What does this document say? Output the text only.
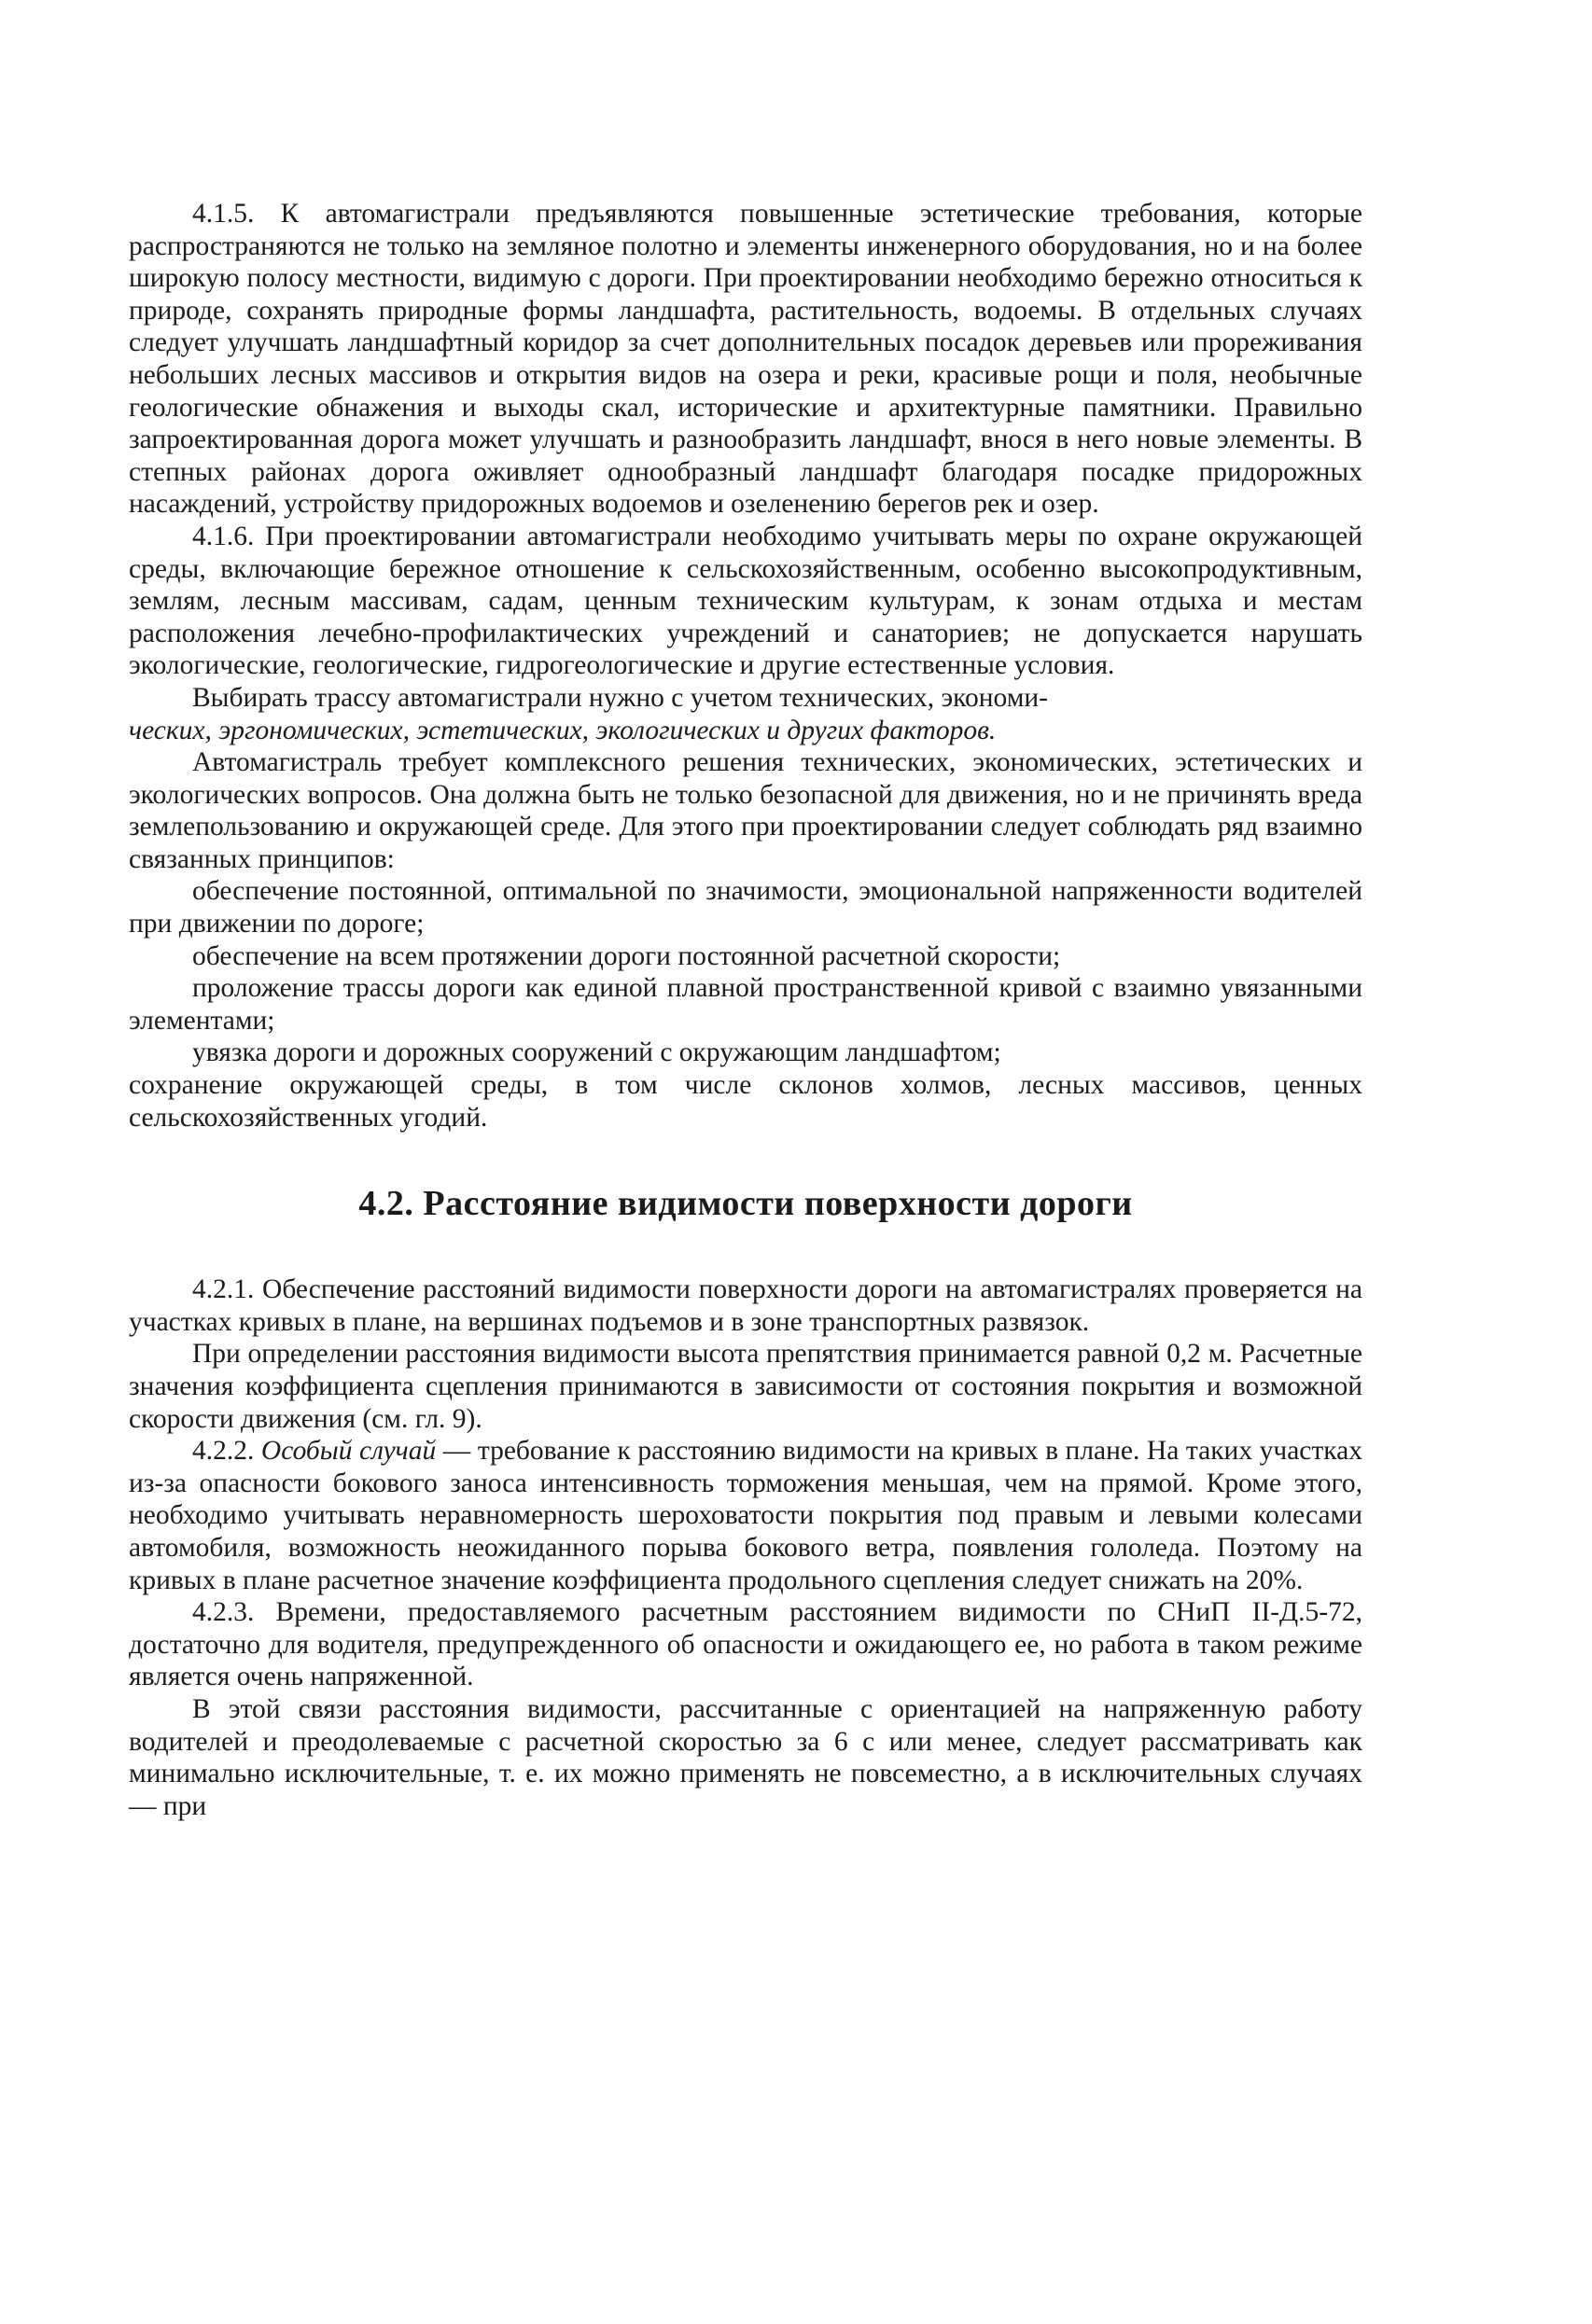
4.1.5. К автомагистрали предъявляются повышенные эстетические требования, которые распространяются не только на земляное полотно и элементы инженерного оборудования, но и на более широкую полосу местности, видимую с дороги. При проектировании необходимо бережно относиться к природе, сохранять природные формы ландшафта, растительность, водоемы. В отдельных случаях следует улучшать ландшафтный коридор за счет дополнительных посадок деревьев или прореживания небольших лесных массивов и открытия видов на озера и реки, красивые рощи и поля, необычные геологические обнажения и выходы скал, исторические и архитектурные памятники. Правильно запроектированная дорога может улучшать и разнообразить ландшафт, внося в него новые элементы. В степных районах дорога оживляет однообразный ландшафт благодаря посадке придорожных насаждений, устройству придорожных водоемов и озеленению берегов рек и озер.

4.1.6. При проектировании автомагистрали необходимо учитывать меры по охране окружающей среды, включающие бережное отношение к сельскохозяйственным, особенно высокопродуктивным, землям, лесным массивам, садам, ценным техническим культурам, к зонам отдыха и местам расположения лечебно-профилактических учреждений и санаториев; не допускается нарушать экологические, геологические, гидрогеологические и другие естественные условия.

Выбирать трассу автомагистрали нужно с учетом технических, экономи-
ческих, эргономических, эстетических, экологических и других факторов.

Автомагистраль требует комплексного решения технических, экономических, эстетических и экологических вопросов. Она должна быть не только безопасной для движения, но и не причинять вреда землепользованию и окружающей среде. Для этого при проектировании следует соблюдать ряд взаимно связанных принципов:

обеспечение постоянной, оптимальной по значимости, эмоциональной напряженности водителей при движении по дороге;

обеспечение на всем протяжении дороги постоянной расчетной скорости;

проложение трассы дороги как единой плавной пространственной кривой с взаимно увязанными элементами;

увязка дороги и дорожных сооружений с окружающим ландшафтом;

сохранение окружающей среды, в том числе склонов холмов, лесных массивов, ценных сельскохозяйственных угодий.

4.2. Расстояние видимости поверхности дороги

4.2.1. Обеспечение расстояний видимости поверхности дороги на автомагистралях проверяется на участках кривых в плане, на вершинах подъемов и в зоне транспортных развязок.

При определении расстояния видимости высота препятствия принимается равной 0,2 м. Расчетные значения коэффициента сцепления принимаются в зависимости от состояния покрытия и возможной скорости движения (см. гл. 9).

4.2.2. Особый случай — требование к расстоянию видимости на кривых в плане. На таких участках из-за опасности бокового заноса интенсивность торможения меньшая, чем на прямой. Кроме этого, необходимо учитывать неравномерность шероховатости покрытия под правым и левыми колесами автомобиля, возможность неожиданного порыва бокового ветра, появления гололеда. Поэтому на кривых в плане расчетное значение коэффициента продольного сцепления следует снижать на 20%.

4.2.3. Времени, предоставляемого расчетным расстоянием видимости по СНиП II-Д.5-72, достаточно для водителя, предупрежденного об опасности и ожидающего ее, но работа в таком режиме является очень напряженной.

В этой связи расстояния видимости, рассчитанные с ориентацией на напряженную работу водителей и преодолеваемые с расчетной скоростью за 6 с или менее, следует рассматривать как минимально исключительные, т. е. их можно применять не повсеместно, а в исключительных случаях — при
